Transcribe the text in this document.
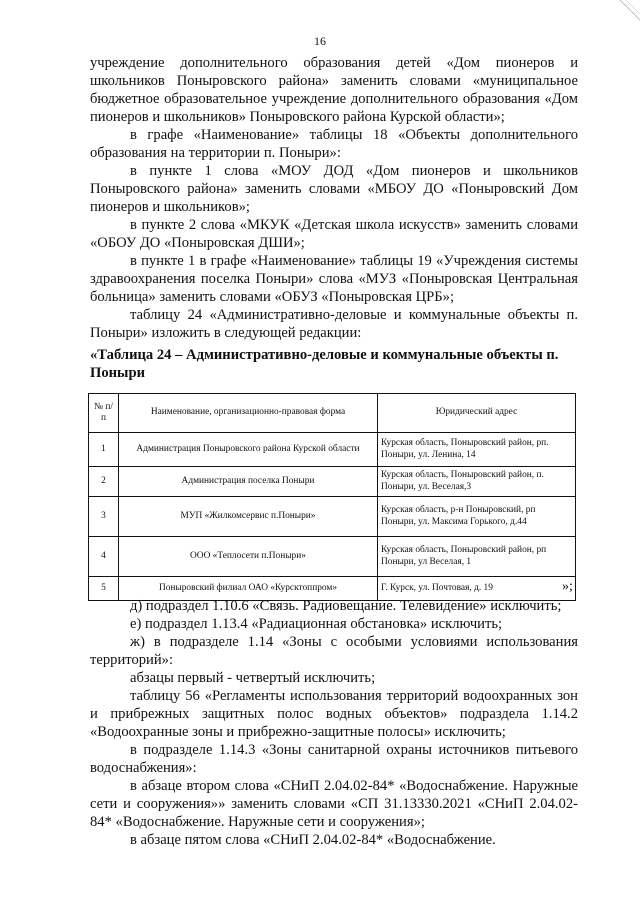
16
учреждение дополнительного образования детей «Дом пионеров и школьников Поныровского района» заменить словами «муниципальное бюджетное образовательное учреждение дополнительного образования «Дом пионеров и школьников» Поныровского района Курской области»;
в графе «Наименование» таблицы 18 «Объекты дополнительного образования на территории п. Поныри»:
в пункте 1 слова «МОУ ДОД «Дом пионеров и школьников Поныровского района» заменить словами «МБОУ ДО «Поныровский Дом пионеров и школьников»;
в пункте 2 слова «МКУК «Детская школа искусств» заменить словами «ОБОУ ДО «Поныровская ДШИ»;
в пункте 1 в графе «Наименование» таблицы 19 «Учреждения системы здравоохранения поселка Поныри» слова «МУЗ «Поныровская Центральная больница» заменить словами «ОБУЗ «Поныровская ЦРБ»;
таблицу 24 «Административно-деловые и коммунальные объекты п. Поныри» изложить в следующей редакции:
«Таблица 24 – Административно-деловые и коммунальные объекты п. Поныри
№ п/п	Наименование, организационно-правовая форма	Юридический адрес
1	Администрация Поныровского района Курской области	Курская область, Поныровский район, рп. Поныри, ул. Ленина, 14
2	Администрация поселка Поныри	Курская область, Поныровский район, п. Поныри, ул. Веселая,3
3	МУП «Жилкомсервис п.Поныри»	Курская область, р-н Поныровский, рп Поныри, ул. Максима Горького, д.44
4	ООО «Теплосети п.Поныри»	Курская область, Поныровский район, рп Поныри, ул Веселая, 1
5	Поныровский филиал ОАО «Курсктоппром»	Г. Курск, ул. Почтовая, д. 19	»;
д) подраздел 1.10.6 «Связь. Радиовещание. Телевидение» исключить;
е) подраздел 1.13.4 «Радиационная обстановка» исключить;
ж) в подразделе 1.14 «Зоны с особыми условиями использования территорий»:
абзацы первый - четвертый исключить;
таблицу 56 «Регламенты использования территорий водоохранных зон и прибрежных защитных полос водных объектов» подраздела 1.14.2 «Водоохранные зоны и прибрежно-защитные полосы» исключить;
в подразделе 1.14.3 «Зоны санитарной охраны источников питьевого водоснабжения»:
в абзаце втором слова «СНиП 2.04.02-84* «Водоснабжение. Наружные сети и сооружения»» заменить словами «СП 31.13330.2021 «СНиП 2.04.02-84* «Водоснабжение. Наружные сети и сооружения»;
в абзаце пятом слова «СНиП 2.04.02-84* «Водоснабжение.
